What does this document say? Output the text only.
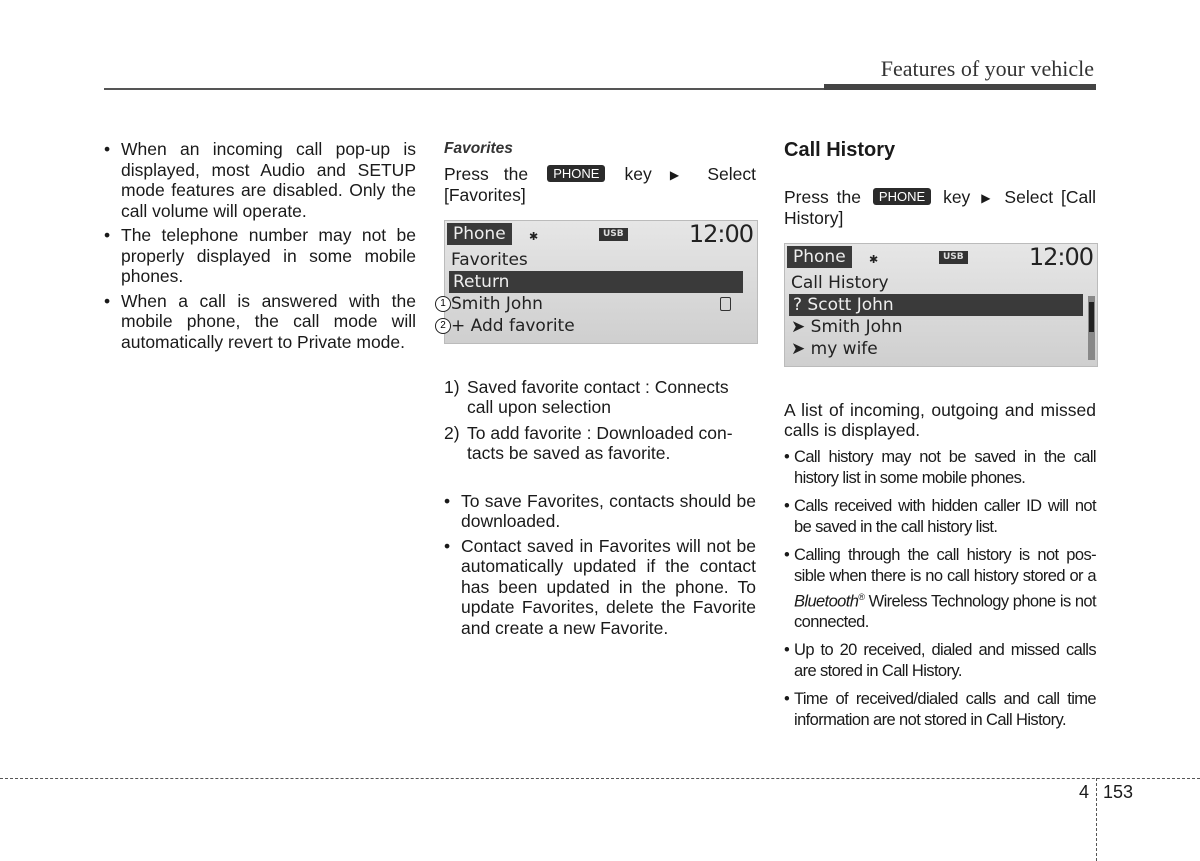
Features of your vehicle
• When an incoming call pop-up is displayed, most Audio and SETUP mode features are disabled. Only the call volume will operate.
• The telephone number may not be properly displayed in some mobile phones.
• When a call is answered with the mobile phone, the call mode will automatically revert to Private mode.
Favorites
Press the PHONE key ▶ Select [Favorites]
Phone	✱	USB	12:00
Favorites
Return
1 Smith John
2 + Add favorite
1) Saved favorite contact : Connects call upon selection
2) To add favorite : Downloaded con-tacts be saved as favorite.
• To save Favorites, contacts should be downloaded.
• Contact saved in Favorites will not be automatically updated if the contact has been updated in the phone. To update Favorites, delete the Favorite and create a new Favorite.
Call History
Press the PHONE key ▶ Select [Call History]
Phone	✱	USB	12:00
Call History
? Scott John
➤ Smith John
➤ my wife
A list of incoming, outgoing and missed calls is displayed.
• Call history may not be saved in the call history list in some mobile phones.
• Calls received with hidden caller ID will not be saved in the call history list.
• Calling through the call history is not pos-sible when there is no call history stored or a Bluetooth® Wireless Technology phone is not connected.
• Up to 20 received, dialed and missed calls are stored in Call History.
• Time of received/dialed calls and call time information are not stored in Call History.
4 153
